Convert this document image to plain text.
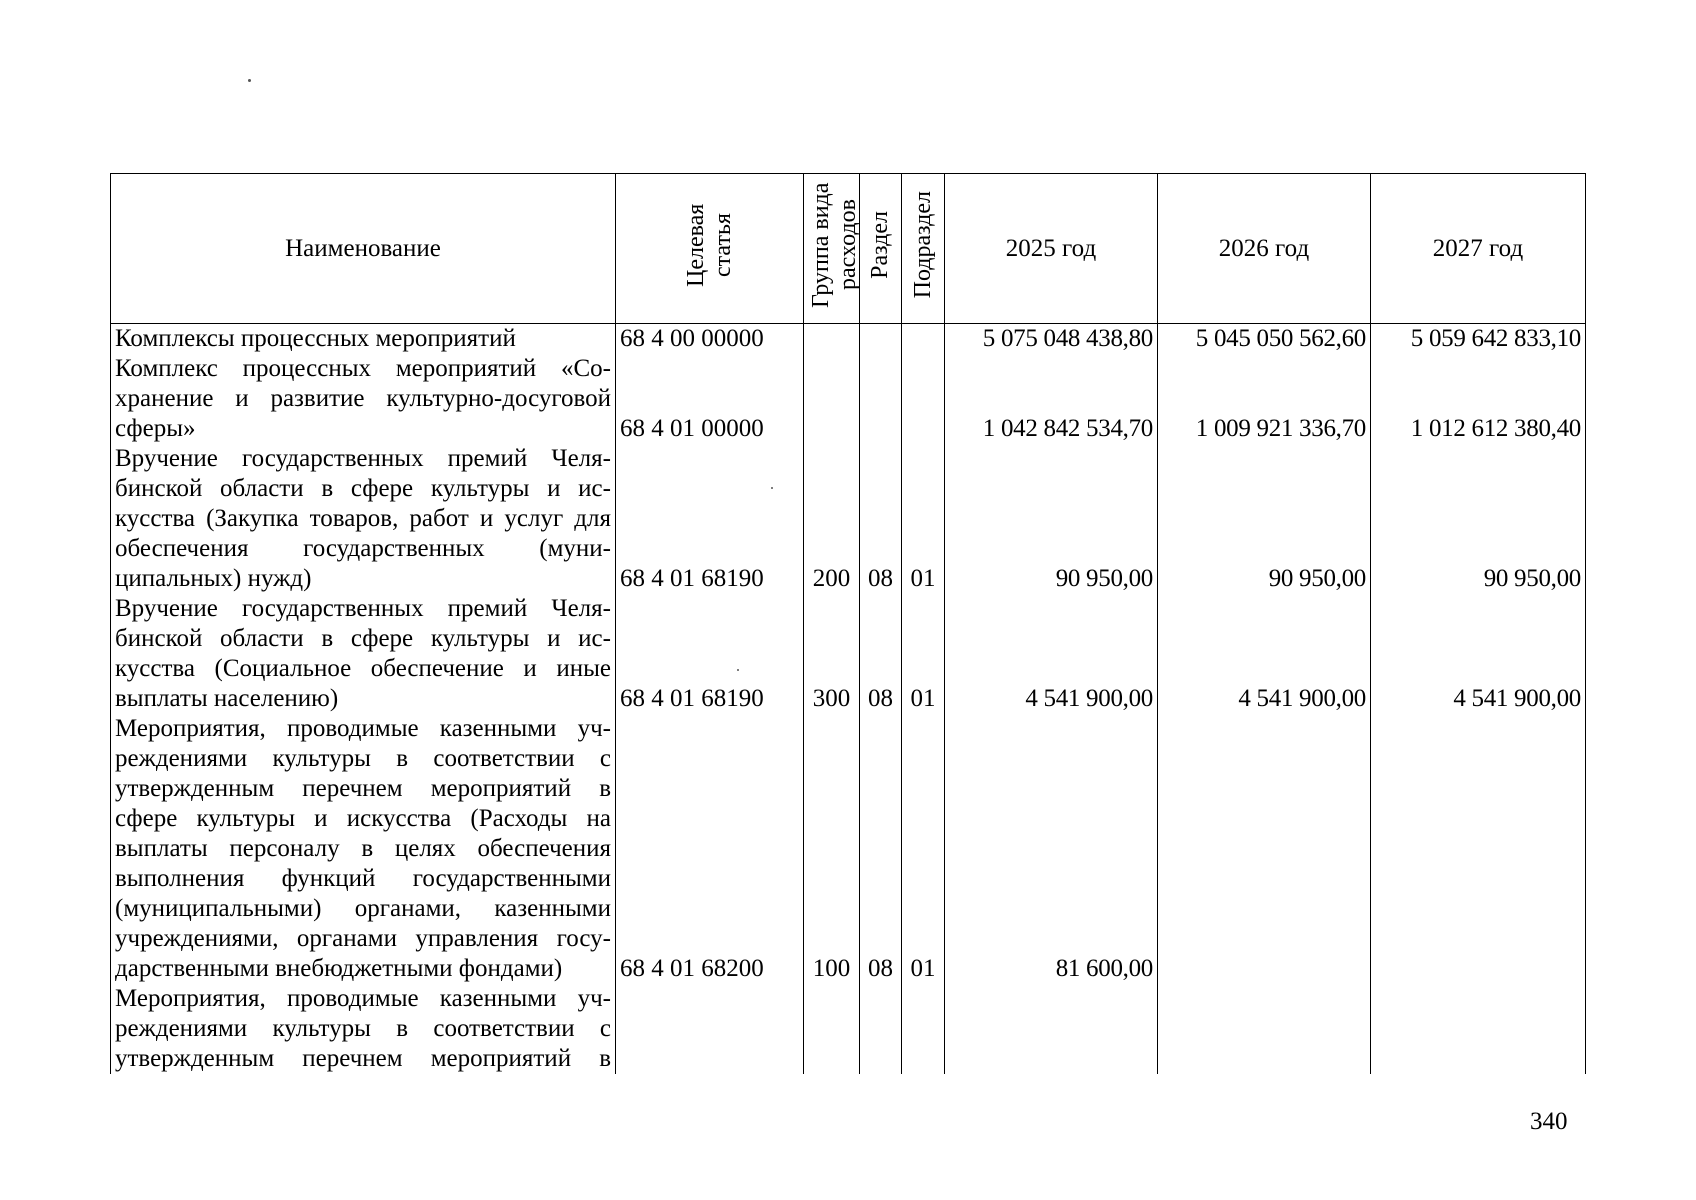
Наименование	Целевая статья	Группа вида расходов	Раздел	Подраздел	2025 год	2026 год	2027 год
Комплексы процессных мероприятий	68 4 00 00000				5 075 048 438,80	5 045 050 562,60	5 059 642 833,10
Комплекс процессных мероприятий «Сохранение и развитие культурно-досуговой сферы»	68 4 01 00000				1 042 842 534,70	1 009 921 336,70	1 012 612 380,40
Вручение государственных премий Челябинской области в сфере культуры и искусства (Закупка товаров, работ и услуг для обеспечения государственных (муниципальных) нужд)	68 4 01 68190	200	08	01	90 950,00	90 950,00	90 950,00
Вручение государственных премий Челябинской области в сфере культуры и искусства (Социальное обеспечение и иные выплаты населению)	68 4 01 68190	300	08	01	4 541 900,00	4 541 900,00	4 541 900,00
Мероприятия, проводимые казенными учреждениями культуры в соответствии с утвержденным перечнем мероприятий в сфере культуры и искусства (Расходы на выплаты персоналу в целях обеспечения выполнения функций государственными (муниципальными) органами, казенными учреждениями, органами управления государственными внебюджетными фондами)	68 4 01 68200	100	08	01	81 600,00		
Мероприятия, проводимые казенными учреждениями культуры в соответствии с утвержденным перечнем мероприятий в							
340
